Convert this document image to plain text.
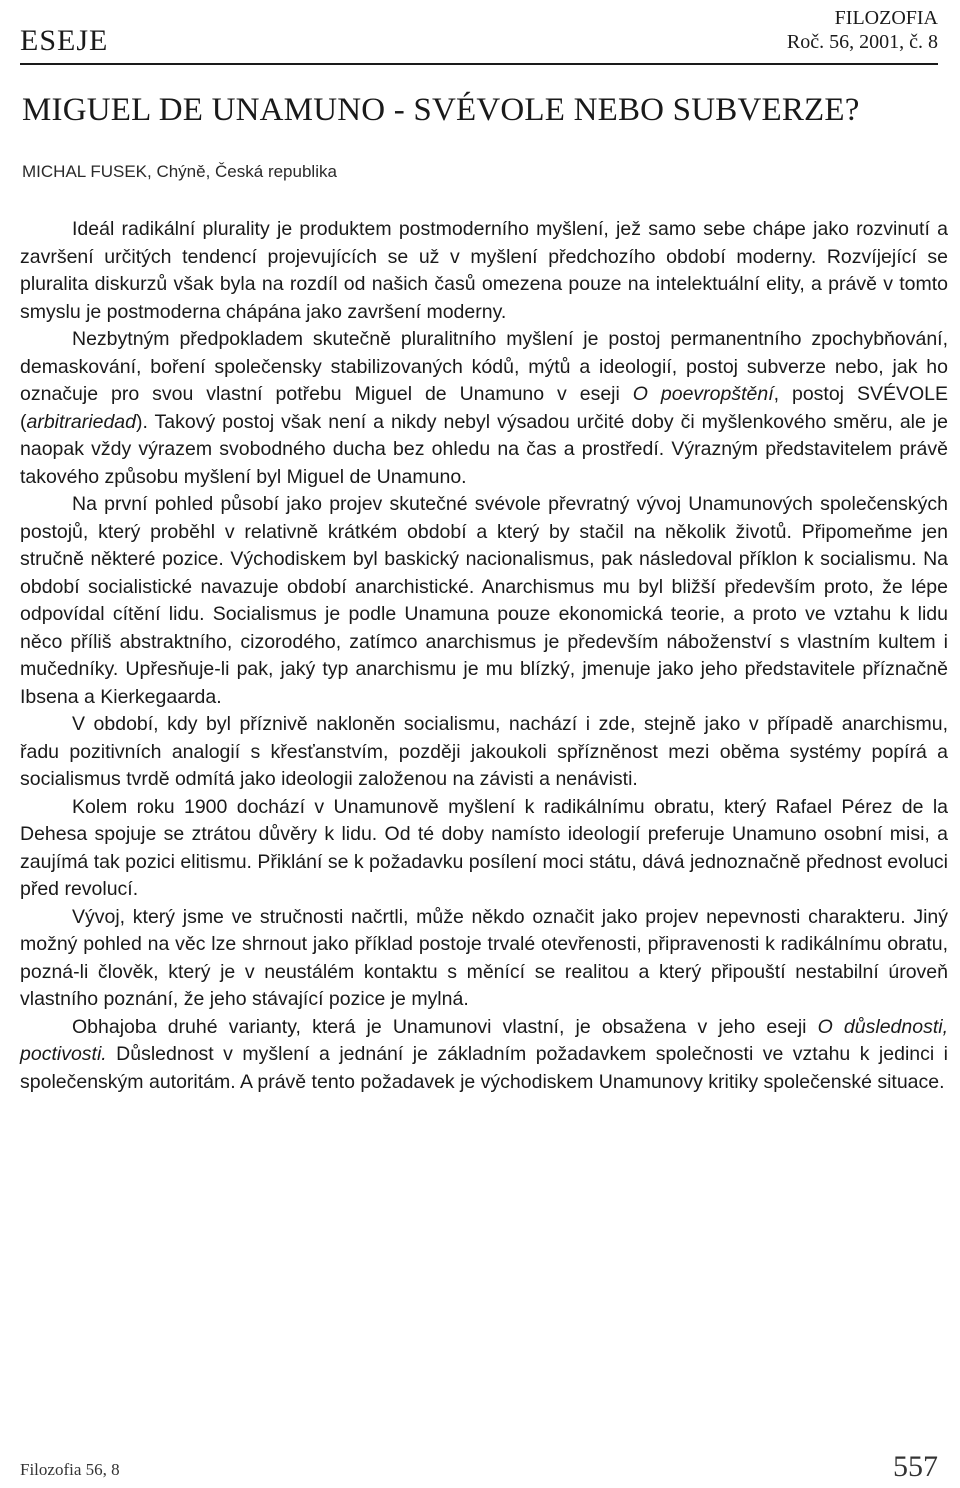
ESEJE
FILOZOFIA
Roč. 56, 2001, č. 8
MIGUEL DE UNAMUNO - SVÉVOLE NEBO SUBVERZE?
MICHAL FUSEK, Chýně, Česká republika

Ideál radikální plurality je produktem postmoderního myšlení, jež samo sebe chápe jako rozvinutí a završení určitých tendencí projevujících se už v myšlení předchozího období moderny. Rozvíjející se pluralita diskurzů však byla na rozdíl od našich časů omezena pouze na intelektuální elity, a právě v tomto smyslu je postmoderna chápána jako završení moderny.

Nezbytným předpokladem skutečně pluralitního myšlení je postoj permanentního zpochybňování, demaskování, boření společensky stabilizovaných kódů, mýtů a ideologií, postoj subverze nebo, jak ho označuje pro svou vlastní potřebu Miguel de Unamuno v eseji O poevropštění, postoj SVÉVOLE (arbitrariedad). Takový postoj však není a nikdy nebyl výsadou určité doby či myšlenkového směru, ale je naopak vždy výrazem svobodného ducha bez ohledu na čas a prostředí. Výrazným představitelem právě takového způsobu myšlení byl Miguel de Unamuno.

Na první pohled působí jako projev skutečné svévole převratný vývoj Unamunových společenských postojů, který proběhl v relativně krátkém období a který by stačil na několik životů. Připomeňme jen stručně některé pozice. Východiskem byl baskický nacionalismus, pak následoval příklon k socialismu. Na období socialistické navazuje období anarchistické. Anarchismus mu byl bližší především proto, že lépe odpovídal cítění lidu. Socialismus je podle Unamuna pouze ekonomická teorie, a proto ve vztahu k lidu něco příliš abstraktního, cizorodého, zatímco anarchismus je především náboženství s vlastním kultem i mučedníky. Upřesňuje-li pak, jaký typ anarchismu je mu blízký, jmenuje jako jeho představitele příznačně Ibsena a Kierkegaarda.

V období, kdy byl příznivě nakloněn socialismu, nachází i zde, stejně jako v případě anarchismu, řadu pozitivních analogií s křesťanstvím, později jakoukoli spřízněnost mezi oběma systémy popírá a socialismus tvrdě odmítá jako ideologii založenou na závisti a nenávisti.

Kolem roku 1900 dochází v Unamunově myšlení k radikálnímu obratu, který Rafael Pérez de la Dehesa spojuje se ztrátou důvěry k lidu. Od té doby namísto ideologií preferuje Unamuno osobní misi, a zaujímá tak pozici elitismu. Přiklání se k požadavku posílení moci státu, dává jednoznačně přednost evoluci před revolucí.

Vývoj, který jsme ve stručnosti načrtli, může někdo označit jako projev nepevnosti charakteru. Jiný možný pohled na věc lze shrnout jako příklad postoje trvalé otevřenosti, připravenosti k radikálnímu obratu, pozná-li člověk, který je v neustálém kontaktu s měnící se realitou a který připouští nestabilní úroveň vlastního poznání, že jeho stávající pozice je mylná.

Obhajoba druhé varianty, která je Unamunovi vlastní, je obsažena v jeho eseji O důslednosti, poctivosti. Důslednost v myšlení a jednání je základním požadavkem společnosti ve vztahu k jedinci i společenským autoritám. A právě tento požadavek je východiskem Unamunovy kritiky společenské situace.

Filozofia 56, 8	557
